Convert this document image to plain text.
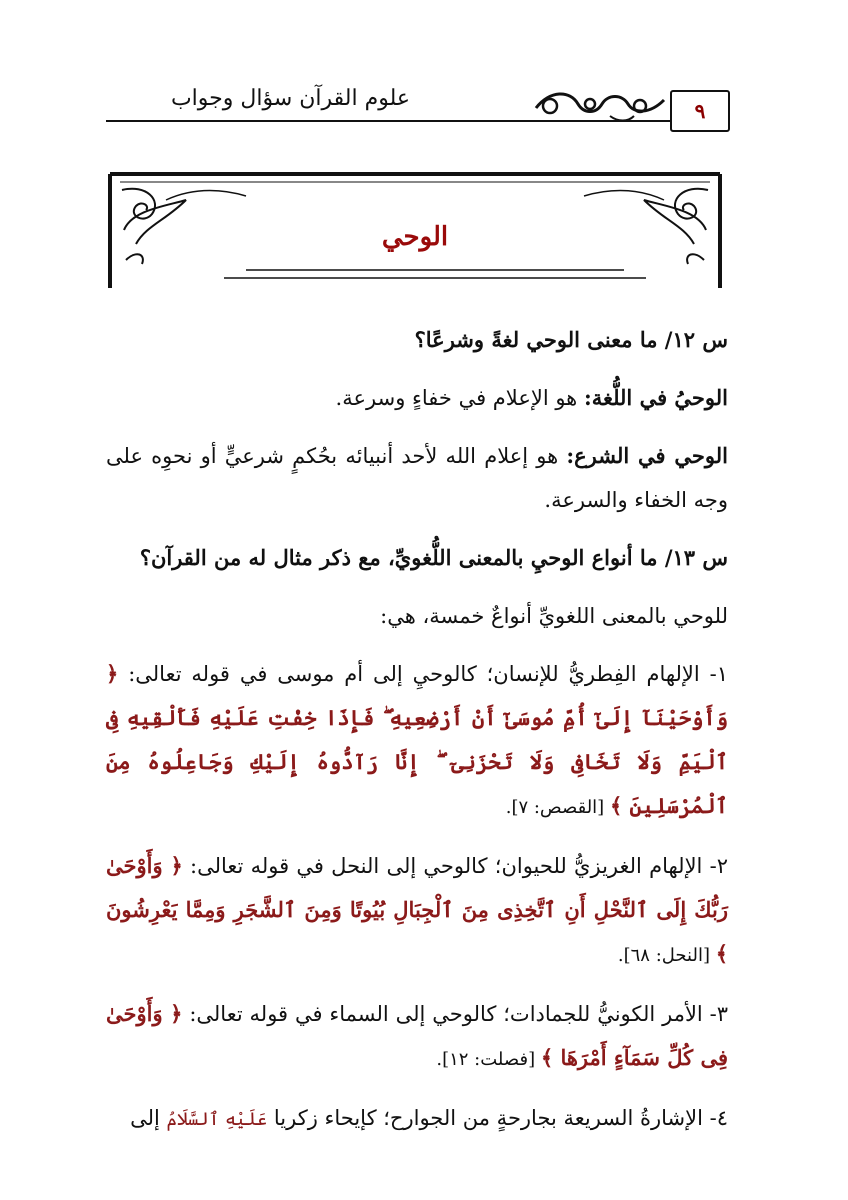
علوم القرآن سؤال وجواب	٩
الوحي

س ١٢/ ما معنى الوحي لغةً وشرعًا؟

الوحيُ في اللُّغة: هو الإعلام في خفاءٍ وسرعة.

الوحي في الشرع: هو إعلام الله لأحد أنبيائه بحُكمٍ شرعيٍّ أو نحوِه على وجه الخفاء والسرعة.

س ١٣/ ما أنواع الوحيِ بالمعنى اللُّغويِّ، مع ذكر مثال له من القرآن؟

للوحي بالمعنى اللغويِّ أنواعٌ خمسة، هي:

١- الإلهام الفِطريُّ للإنسان؛ كالوحيِ إلى أم موسى في قوله تعالى: ﴿ وَأَوْحَيْنَآ إِلَىٰٓ أُمِّ مُوسَىٰٓ أَنْ أَرْضِعِيهِ ۖ فَإِذَا خِفْتِ عَلَيْهِ فَأَلْقِيهِ فِى ٱلْيَمِّ وَلَا تَخَافِى وَلَا تَحْزَنِىٓ ۖ إِنَّا رَآدُّوهُ إِلَيْكِ وَجَاعِلُوهُ مِنَ ٱلْمُرْسَلِينَ ﴾ [القصص: ٧].

٢- الإلهام الغريزيُّ للحيوان؛ كالوحي إلى النحل في قوله تعالى: ﴿ وَأَوْحَىٰ رَبُّكَ إِلَى ٱلنَّحْلِ أَنِ ٱتَّخِذِى مِنَ ٱلْجِبَالِ بُيُوتًا وَمِنَ ٱلشَّجَرِ وَمِمَّا يَعْرِشُونَ ﴾ [النحل: ٦٨].

٣- الأمر الكونيُّ للجمادات؛ كالوحي إلى السماء في قوله تعالى: ﴿ وَأَوْحَىٰ فِى كُلِّ سَمَآءٍ أَمْرَهَا ﴾ [فصلت: ١٢].

٤- الإشارةُ السريعة بجارحةٍ من الجوارح؛ كإيحاء زكريا عَلَيْهِ ٱلسَّلَامُ إلى
